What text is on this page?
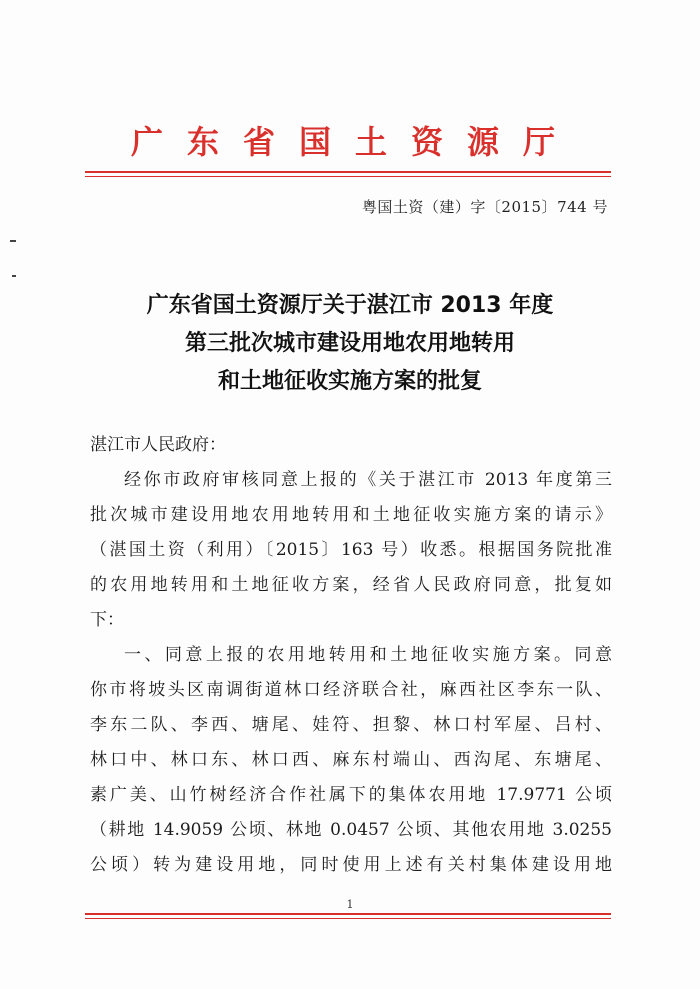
广东省国土资源厅
粤国土资（建）字〔2015〕744 号
广东省国土资源厅关于湛江市 2013 年度
第三批次城市建设用地农用地转用
和土地征收实施方案的批复

湛江市人民政府：

经你市政府审核同意上报的《关于湛江市 2013 年度第三

批次城市建设用地农用地转用和土地征收实施方案的请示》

（湛国土资（利用）〔2015〕163 号）收悉。根据国务院批准

的农用地转用和土地征收方案，经省人民政府同意，批复如

下：

一、同意上报的农用地转用和土地征收实施方案。同意

你市将坡头区南调街道林口经济联合社，麻西社区李东一队、

李东二队、李西、塘尾、娃符、担黎、林口村军屋、吕村、

林口中、林口东、林口西、麻东村端山、西沟尾、东塘尾、

素广美、山竹树经济合作社属下的集体农用地 17.9771 公顷

（耕地 14.9059 公顷、林地 0.0457 公顷、其他农用地 3.0255

公顷）转为建设用地，同时使用上述有关村集体建设用地

1
